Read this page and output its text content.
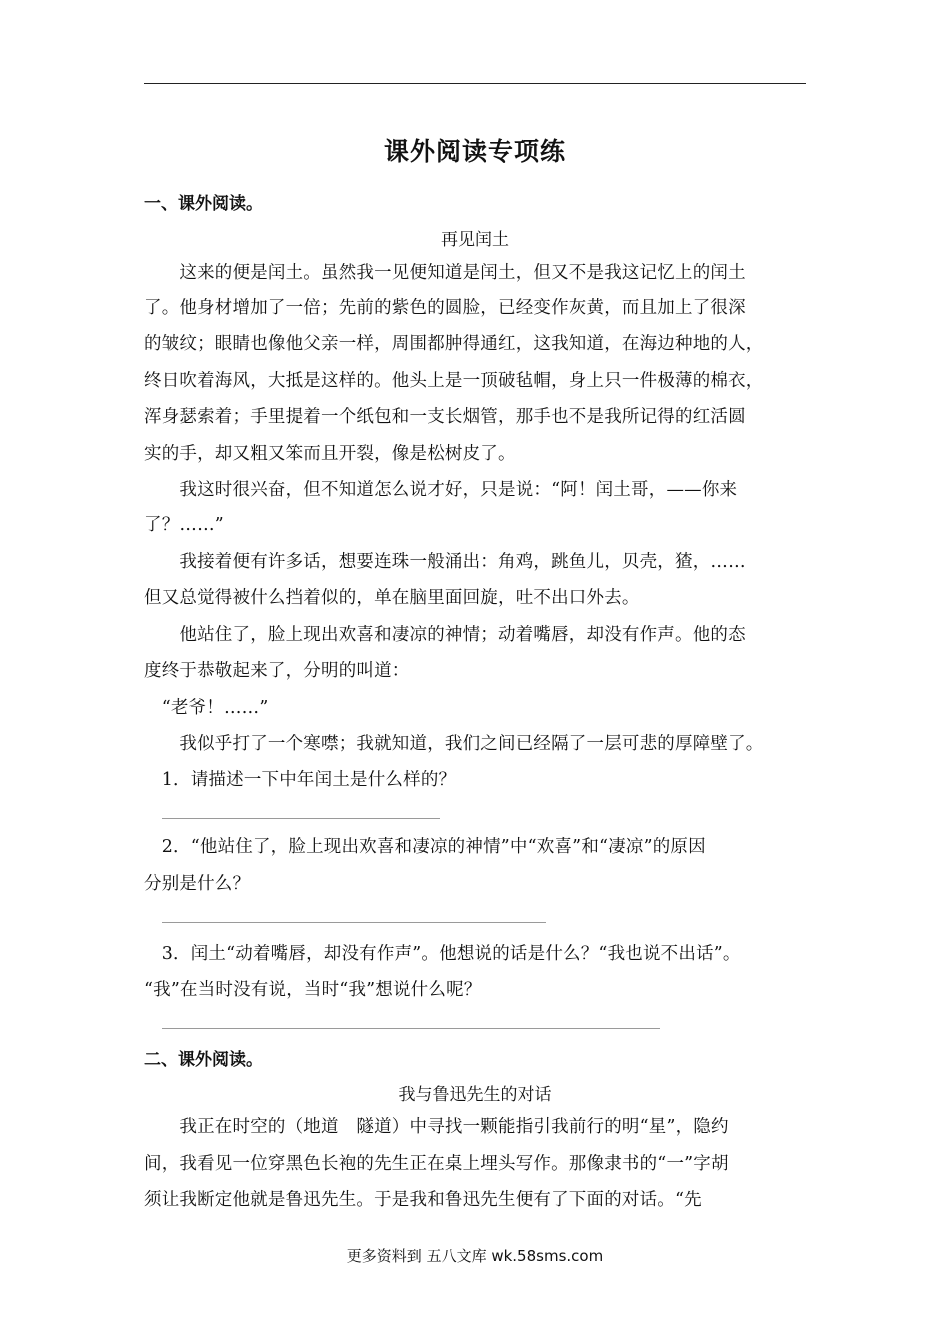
课外阅读专项练
一、课外阅读。
再见闰土
　　这来的便是闰土。虽然我一见便知道是闰土，但又不是我这记忆上的闰土
了。他身材增加了一倍；先前的紫色的圆脸，已经变作灰黄，而且加上了很深
的皱纹；眼睛也像他父亲一样，周围都肿得通红，这我知道，在海边种地的人，
终日吹着海风，大抵是这样的。他头上是一顶破毡帽，身上只一件极薄的棉衣，
浑身瑟索着；手里提着一个纸包和一支长烟管，那手也不是我所记得的红活圆
实的手，却又粗又笨而且开裂，像是松树皮了。
　　我这时很兴奋，但不知道怎么说才好，只是说：“阿！闰土哥，——你来
了？……”
　　我接着便有许多话，想要连珠一般涌出：角鸡，跳鱼儿，贝壳，猹，……
但又总觉得被什么挡着似的，单在脑里面回旋，吐不出口外去。
　　他站住了，脸上现出欢喜和凄凉的神情；动着嘴唇，却没有作声。他的态
度终于恭敬起来了，分明的叫道：
　“老爷！……”
　　我似乎打了一个寒噤；我就知道，我们之间已经隔了一层可悲的厚障壁了。
　1．请描述一下中年闰土是什么样的？
　2．“他站住了，脸上现出欢喜和凄凉的神情”中“欢喜”和“凄凉”的原因
分别是什么？
　3．闰土“动着嘴唇，却没有作声”。他想说的话是什么？“我也说不出话”。
“我”在当时没有说，当时“我”想说什么呢？
二、课外阅读。
我与鲁迅先生的对话
　　我正在时空的（地道　隧道）中寻找一颗能指引我前行的明“星”，隐约
间，我看见一位穿黑色长袍的先生正在桌上埋头写作。那像隶书的“一”字胡
须让我断定他就是鲁迅先生。于是我和鲁迅先生便有了下面的对话。“先
更多资料到 五八文库 wk.58sms.com
